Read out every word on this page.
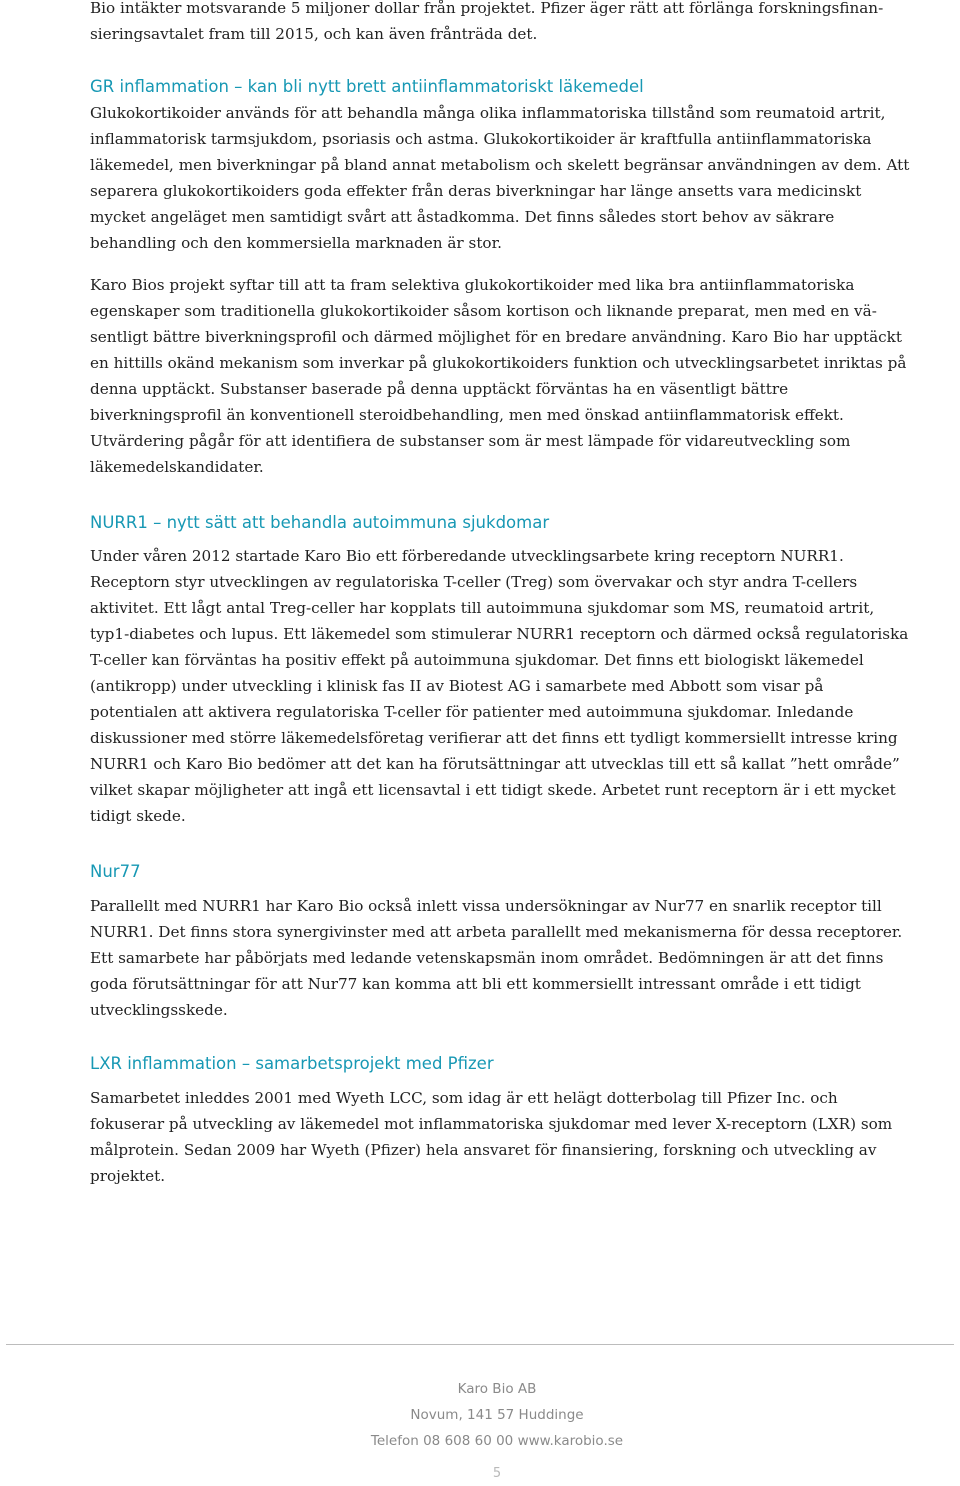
Bio intäkter motsvarande 5 miljoner dollar från projektet. Pfizer äger rätt att förlänga forskningsfinansieringsavtalet fram till 2015, och kan även frånträda det.

GR inflammation – kan bli nytt brett antiinflammatoriskt läkemedel

Glukokortikoider används för att behandla många olika inflammatoriska tillstånd som reumatoid artrit, inflammatorisk tarmsjukdom, psoriasis och astma. Glukokortikoider är kraftfulla antiinflammatoriska läkemedel, men biverkningar på bland annat metabolism och skelett begränsar användningen av dem. Att separera glukokortikoiders goda effekter från deras biverkningar har länge ansetts vara medicinskt mycket angeläget men samtidigt svårt att åstadkomma. Det finns således stort behov av säkrare behandling och den kommersiella marknaden är stor.

Karo Bios projekt syftar till att ta fram selektiva glukokortikoider med lika bra antiinflammatoriska egenskaper som traditionella glukokortikoider såsom kortison och liknande preparat, men med en väsentligt bättre biverkningsprofil och därmed möjlighet för en bredare användning. Karo Bio har upptäckt en hittills okänd mekanism som inverkar på glukokortikoiders funktion och utvecklingsarbetet inriktas på denna upptäckt. Substanser baserade på denna upptäckt förväntas ha en väsentligt bättre biverkningsprofil än konventionell steroidbehandling, men med önskad antiinflammatorisk effekt. Utvärdering pågår för att identifiera de substanser som är mest lämpade för vidareutveckling som läkemedelskandidater.

NURR1 – nytt sätt att behandla autoimmuna sjukdomar

Under våren 2012 startade Karo Bio ett förberedande utvecklingsarbete kring receptorn NURR1. Receptorn styr utvecklingen av regulatoriska T-celler (Treg) som övervakar och styr andra T-cellers aktivitet. Ett lågt antal Treg-celler har kopplats till autoimmuna sjukdomar som MS, reumatoid artrit, typ1-diabetes och lupus. Ett läkemedel som stimulerar NURR1 receptorn och därmed också regulatoriska T-celler kan förväntas ha positiv effekt på autoimmuna sjukdomar. Det finns ett biologiskt läkemedel (antikropp) under utveckling i klinisk fas II av Biotest AG i samarbete med Abbott som visar på potentialen att aktivera regulatoriska T-celler för patienter med autoimmuna sjukdomar. Inledande diskussioner med större läkemedelsföretag verifierar att det finns ett tydligt kommersiellt intresse kring NURR1 och Karo Bio bedömer att det kan ha förutsättningar att utvecklas till ett så kallat ”hett område” vilket skapar möjligheter att ingå ett licensavtal i ett tidigt skede. Arbetet runt receptorn är i ett mycket tidigt skede.

Nur77

Parallellt med NURR1 har Karo Bio också inlett vissa undersökningar av Nur77 en snarlik receptor till NURR1. Det finns stora synergivinster med att arbeta parallellt med mekanismerna för dessa receptorer. Ett samarbete har påbörjats med ledande vetenskapsmän inom området. Bedömningen är att det finns goda förutsättningar för att Nur77 kan komma att bli ett kommersiellt intressant område i ett tidigt utvecklingsskede.

LXR inflammation – samarbetsprojekt med Pfizer

Samarbetet inleddes 2001 med Wyeth LCC, som idag är ett helägt dotterbolag till Pfizer Inc. och fokuserar på utveckling av läkemedel mot inflammatoriska sjukdomar med lever X-receptorn (LXR) som målprotein. Sedan 2009 har Wyeth (Pfizer) hela ansvaret för finansiering, forskning och utveckling av projektet.

Karo Bio AB
Novum, 141 57 Huddinge
Telefon 08 608 60 00 www.karobio.se
5
